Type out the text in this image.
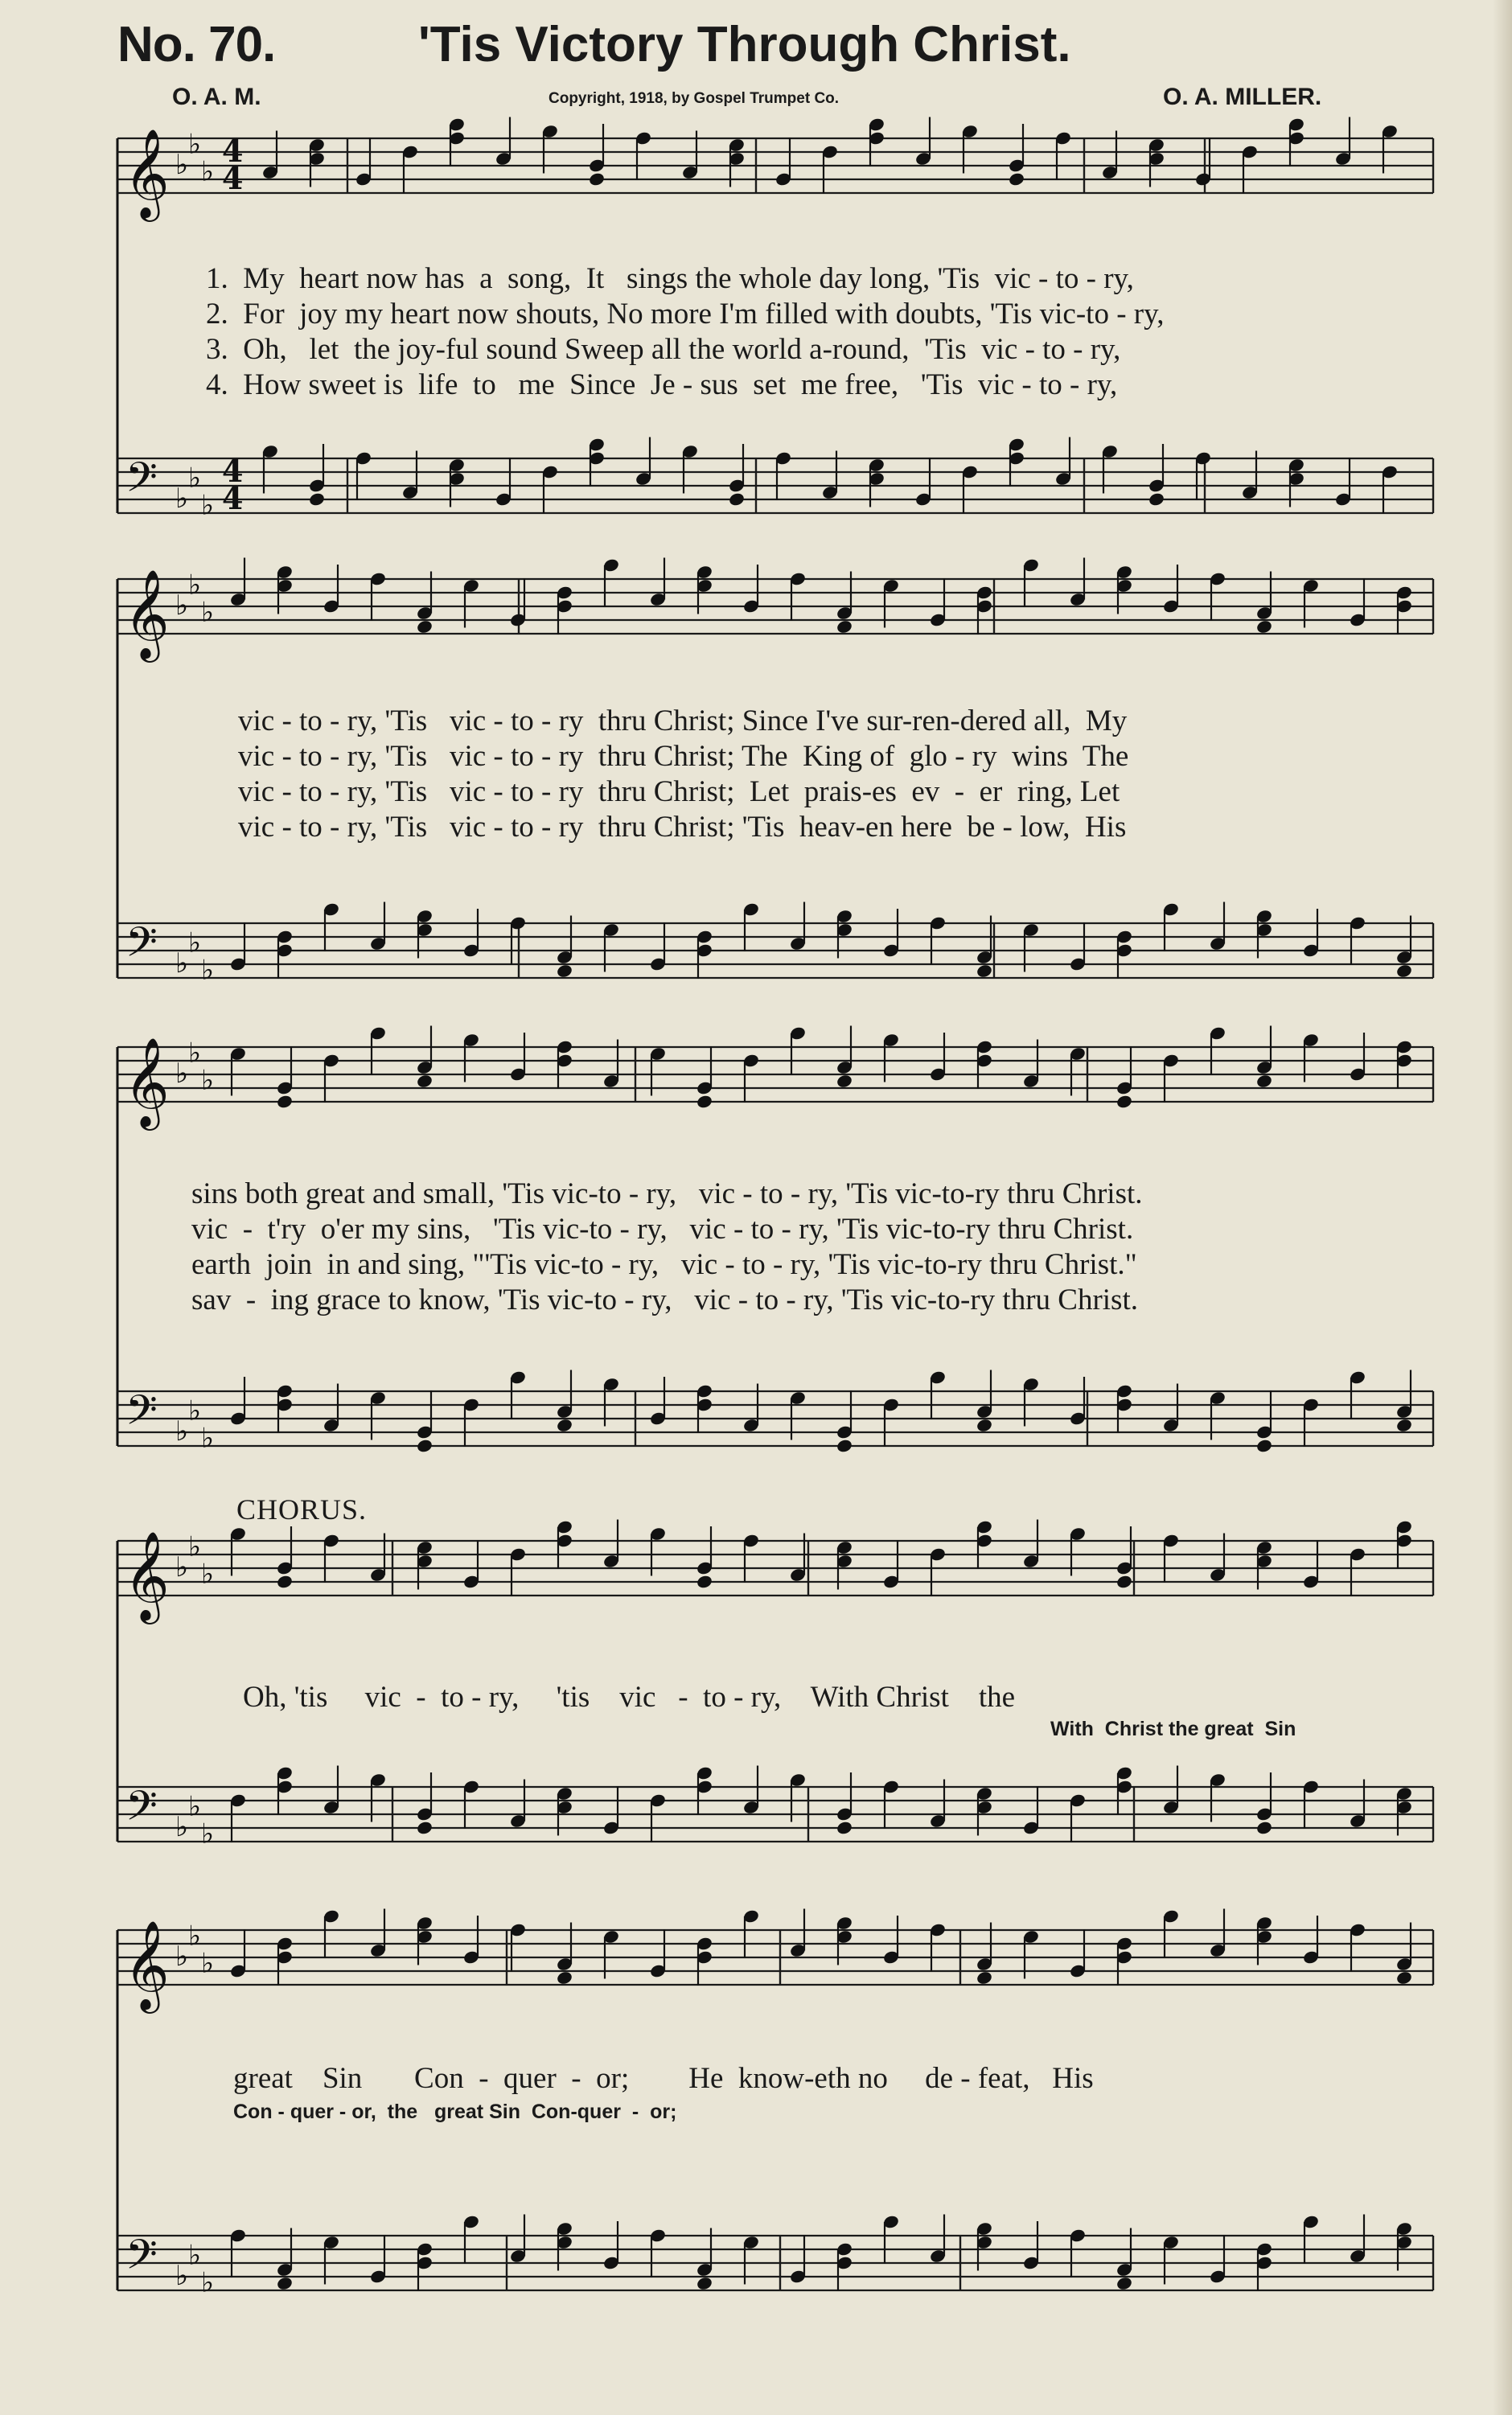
No. 70.	'Tis Victory Through Christ.
O. A. M.	Copyright, 1918, by Gospel Trumpet Co.	O. A. MILLER.
𝄞
𝄢
♭
♭
♭
♭
♭
♭
4
4
4
4
𝄞
𝄢
♭
♭
♭
♭
♭
♭
𝄞
𝄢
♭
♭
♭
♭
♭
♭
𝄞
𝄢
♭
♭
♭
♭
♭
♭
𝄞
𝄢
♭
♭
♭
♭
♭
♭
1.  My  heart now has  a  song,  It   sings the whole day long, 'Tis  vic - to - ry,
2.  For  joy my heart now shouts, No more I'm filled with doubts, 'Tis vic-to - ry,
3.  Oh,   let  the joy-ful sound Sweep all the world a-round,  'Tis  vic - to - ry,
4.  How sweet is  life  to   me  Since  Je - sus  set  me free,   'Tis  vic - to - ry,
vic - to - ry, 'Tis   vic - to - ry  thru Christ; Since I've sur-ren-dered all,  My
vic - to - ry, 'Tis   vic - to - ry  thru Christ; The  King of  glo - ry  wins  The
vic - to - ry, 'Tis   vic - to - ry  thru Christ;  Let  prais-es  ev  -  er  ring, Let
vic - to - ry, 'Tis   vic - to - ry  thru Christ; 'Tis  heav-en here  be - low,  His
sins both great and small, 'Tis vic-to - ry,   vic - to - ry, 'Tis vic-to-ry thru Christ.
vic  -  t'ry  o'er my sins,   'Tis vic-to - ry,   vic - to - ry, 'Tis vic-to-ry thru Christ.
earth  join  in and sing, "'Tis vic-to - ry,   vic - to - ry, 'Tis vic-to-ry thru Christ."
sav  -  ing grace to know, 'Tis vic-to - ry,   vic - to - ry, 'Tis vic-to-ry thru Christ.
CHORUS.
Oh, 'tis     vic  -  to - ry,     'tis    vic   -  to - ry,    With Christ    the
With  Christ the great  Sin
great    Sin       Con  -  quer  -  or;        He  know-eth no     de - feat,   His
Con - quer - or,  the   great Sin  Con-quer  -  or;
